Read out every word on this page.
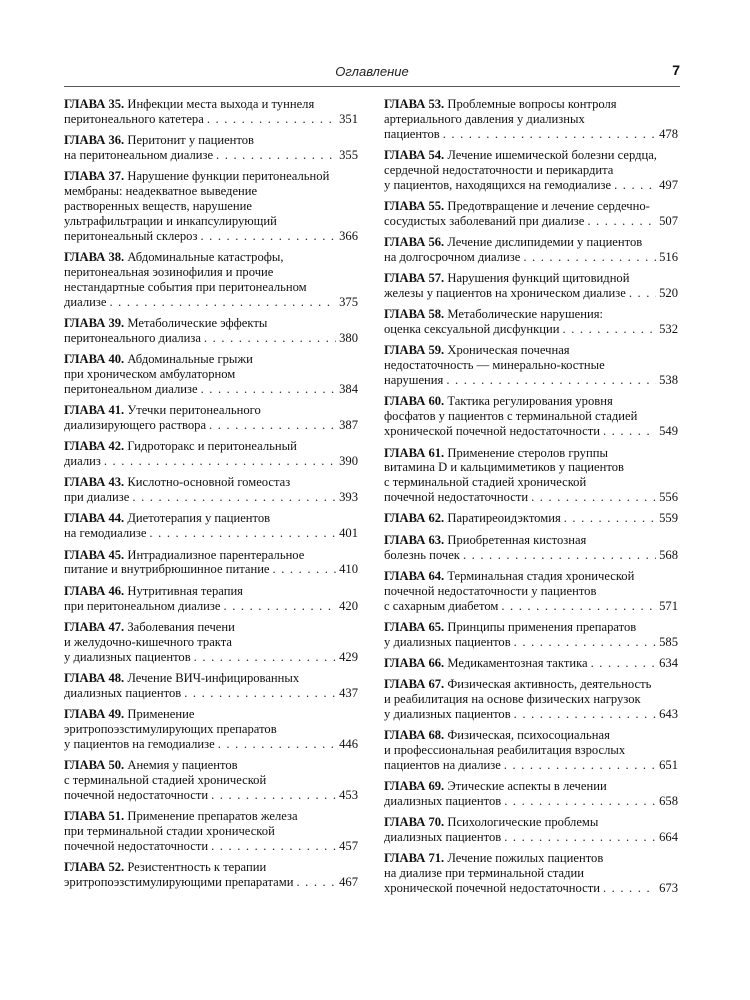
Оглавление	7
ГЛАВА 35. Инфекции места выхода и туннеля
перитонеального катетера . . .	351
ГЛАВА 36. Перитонит у пациентов
на перитонеальном диализе . . .	355
ГЛАВА 37. Нарушение функции перитонеальной
мембраны: неадекватное выведение
растворенных веществ, нарушение
ультрафильтрации и инкапсулирующий
перитонеальный склероз . . .	366
ГЛАВА 38. Абдоминальные катастрофы,
перитонеальная эозинофилия и прочие
нестандартные события при перитонеальном
диализе . . .	375
ГЛАВА 39. Метаболические эффекты
перитонеального диализа . . .	380
ГЛАВА 40. Абдоминальные грыжи
при хроническом амбулаторном
перитонеальном диализе . . .	384
ГЛАВА 41. Утечки перитонеального
диализирующего раствора . . .	387
ГЛАВА 42. Гидроторакс и перитонеальный
диализ . . .	390
ГЛАВА 43. Кислотно-основной гомеостаз
при диализе . . .	393
ГЛАВА 44. Диетотерапия у пациентов
на гемодиализе . . .	401
ГЛАВА 45. Интрадиализное парентеральное
питание и внутрибрюшинное питание . . .	410
ГЛАВА 46. Нутритивная терапия
при перитонеальном диализе . . .	420
ГЛАВА 47. Заболевания печени
и желудочно-кишечного тракта
у диализных пациентов . . .	429
ГЛАВА 48. Лечение ВИЧ-инфицированных
диализных пациентов . . .	437
ГЛАВА 49. Применение
эритропоэзстимулирующих препаратов
у пациентов на гемодиализе . . .	446
ГЛАВА 50. Анемия у пациентов
с терминальной стадией хронической
почечной недостаточности . . .	453
ГЛАВА 51. Применение препаратов железа
при терминальной стадии хронической
почечной недостаточности . . .	457
ГЛАВА 52. Резистентность к терапии
эритропоэзстимулирующими препаратами . . .	467
ГЛАВА 53. Проблемные вопросы контроля
артериального давления у диализных
пациентов . . .	478
ГЛАВА 54. Лечение ишемической болезни сердца,
сердечной недостаточности и перикардита
у пациентов, находящихся на гемодиализе . . .	497
ГЛАВА 55. Предотвращение и лечение сердечно-
сосудистых заболеваний при диализе . . .	507
ГЛАВА 56. Лечение дислипидемии у пациентов
на долгосрочном диализе . . .	516
ГЛАВА 57. Нарушения функций щитовидной
железы у пациентов на хроническом диализе . . .	520
ГЛАВА 58. Метаболические нарушения:
оценка сексуальной дисфункции . . .	532
ГЛАВА 59. Хроническая почечная
недостаточность — минерально-костные
нарушения . . .	538
ГЛАВА 60. Тактика регулирования уровня
фосфатов у пациентов с терминальной стадией
хронической почечной недостаточности . . .	549
ГЛАВА 61. Применение стеролов группы
витамина D и кальцимиметиков у пациентов
с терминальной стадией хронической
почечной недостаточности . . .	556
ГЛАВА 62. Паратиреоидэктомия . . .	559
ГЛАВА 63. Приобретенная кистозная
болезнь почек . . .	568
ГЛАВА 64. Терминальная стадия хронической
почечной недостаточности у пациентов
с сахарным диабетом . . .	571
ГЛАВА 65. Принципы применения препаратов
у диализных пациентов . . .	585
ГЛАВА 66. Медикаментозная тактика . . .	634
ГЛАВА 67. Физическая активность, деятельность
и реабилитация на основе физических нагрузок
у диализных пациентов . . .	643
ГЛАВА 68. Физическая, психосоциальная
и профессиональная реабилитация взрослых
пациентов на диализе . . .	651
ГЛАВА 69. Этические аспекты в лечении
диализных пациентов . . .	658
ГЛАВА 70. Психологические проблемы
диализных пациентов . . .	664
ГЛАВА 71. Лечение пожилых пациентов
на диализе при терминальной стадии
хронической почечной недостаточности . . .	673
